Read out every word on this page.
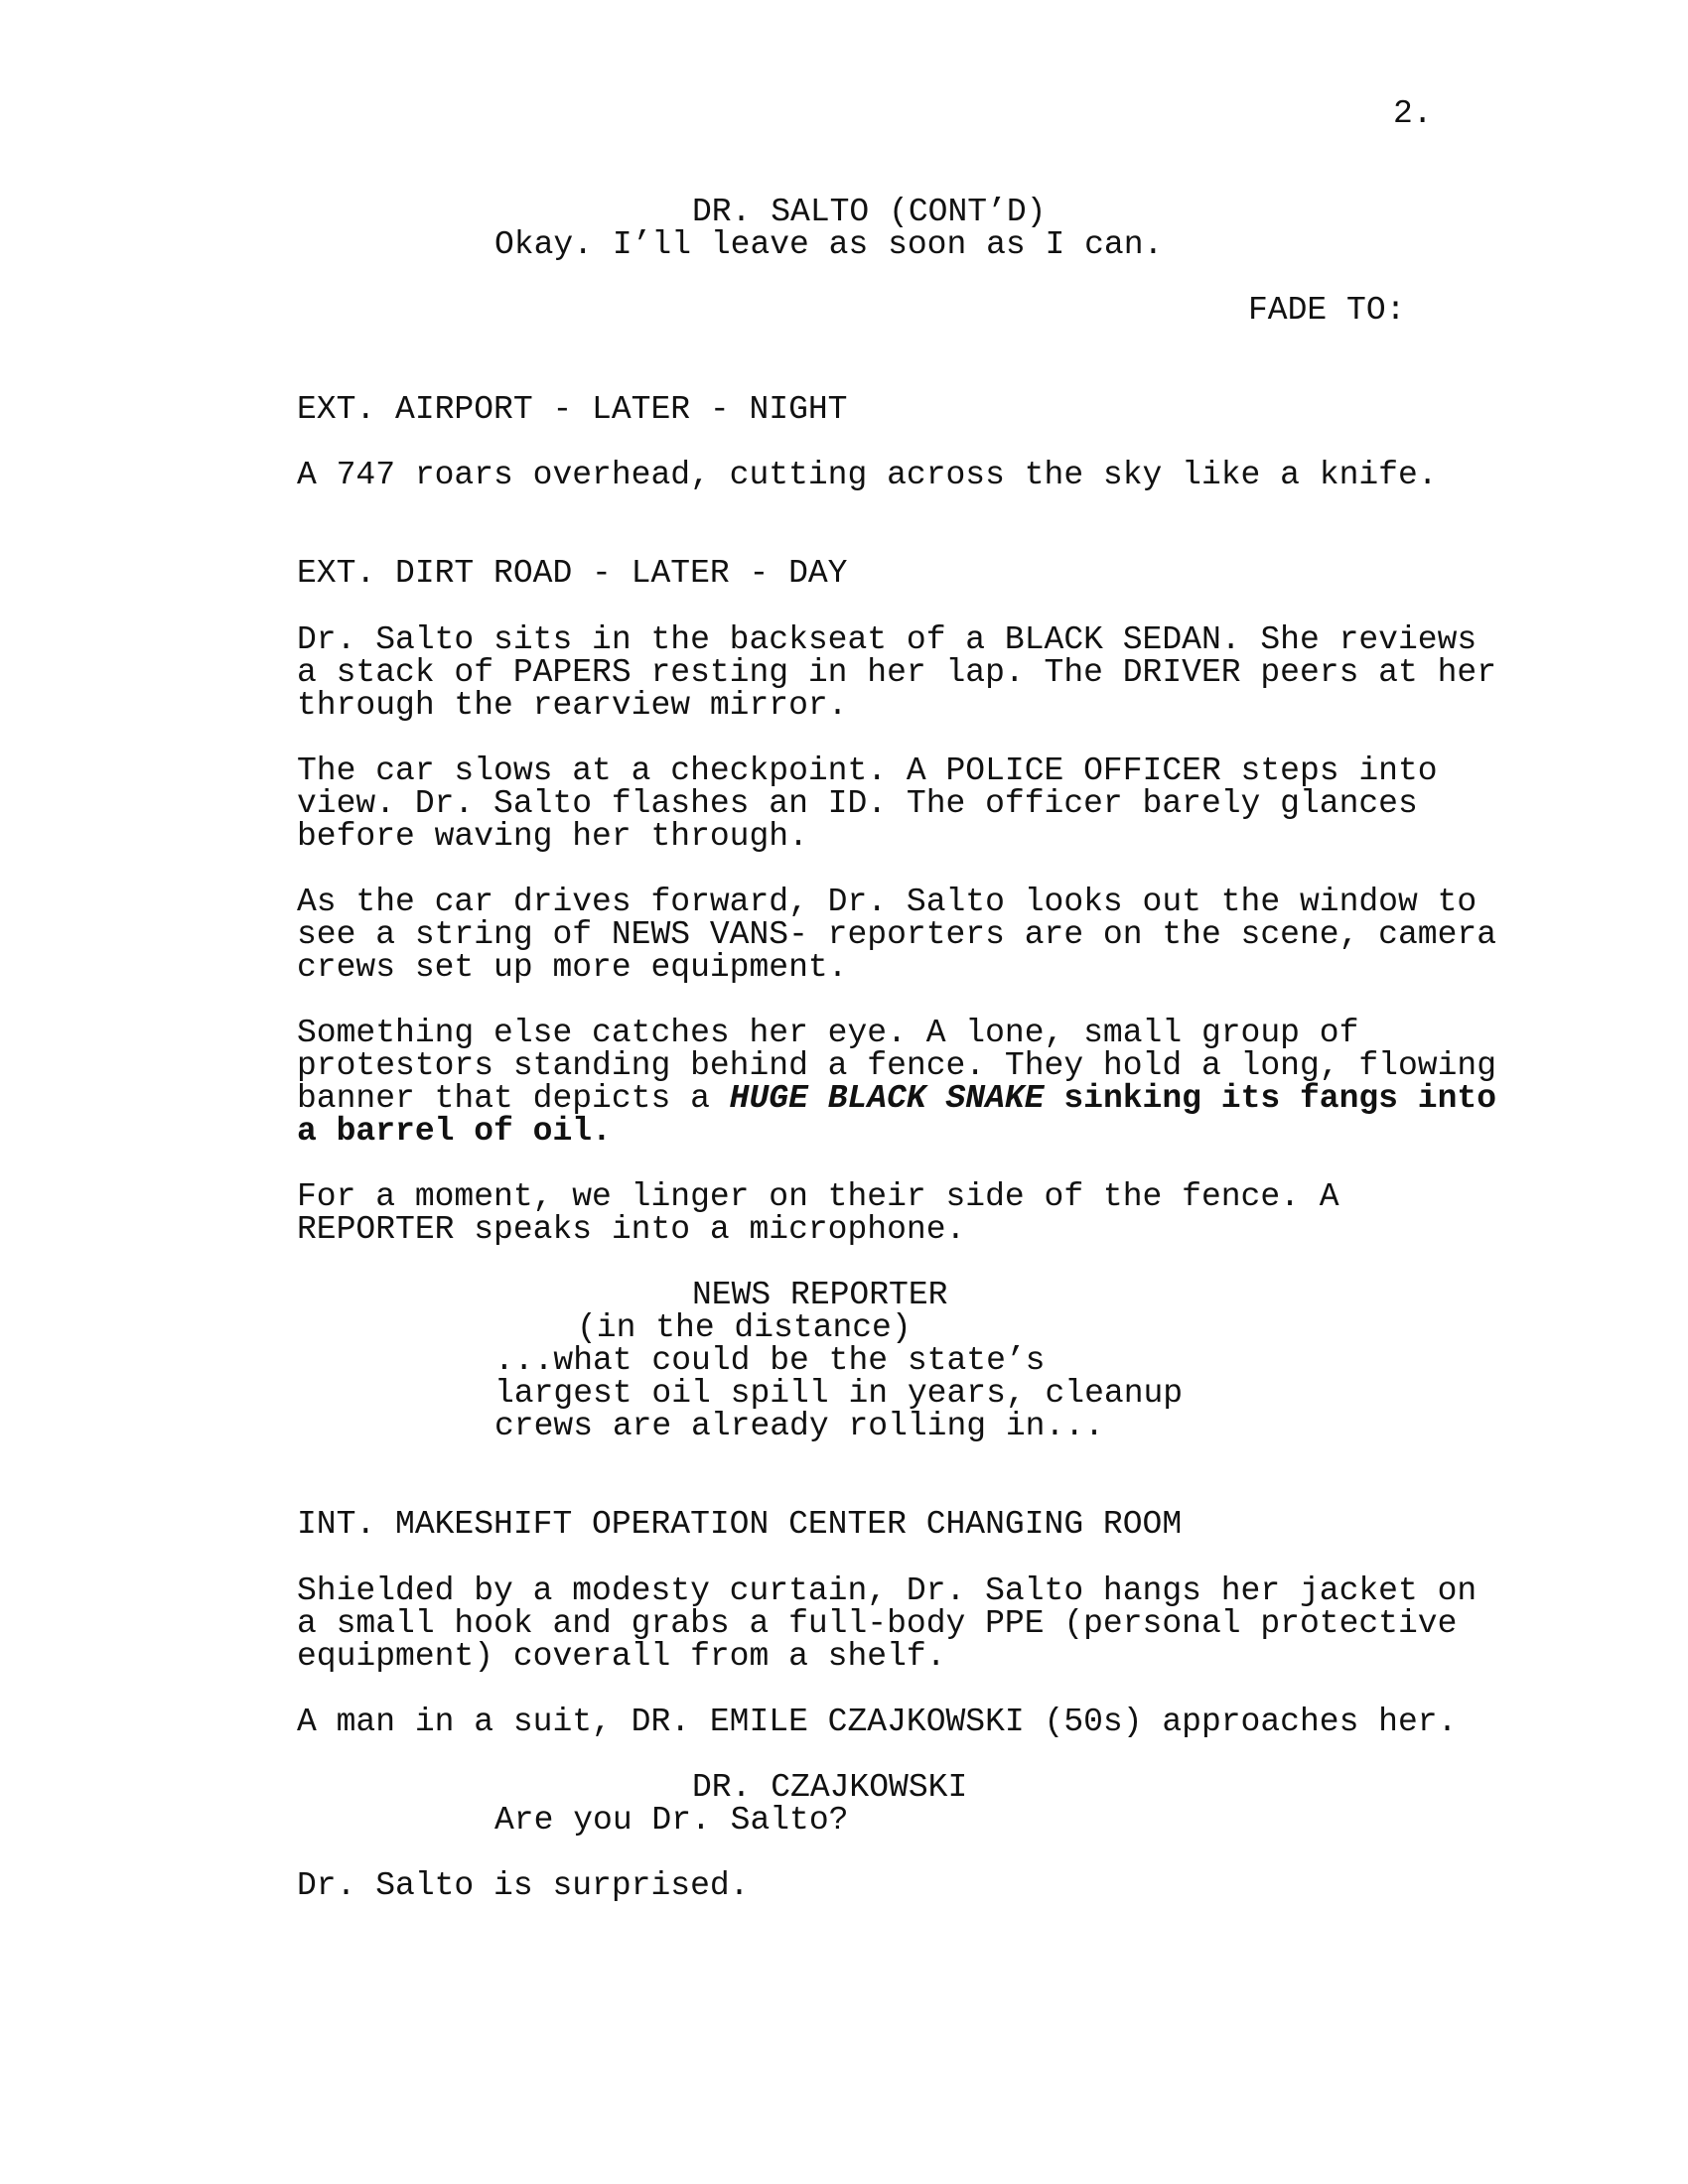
2.
DR. SALTO (CONT’D)
Okay. I’ll leave as soon as I can.
FADE TO:
EXT. AIRPORT - LATER - NIGHT
A 747 roars overhead, cutting across the sky like a knife.
EXT. DIRT ROAD - LATER - DAY
Dr. Salto sits in the backseat of a BLACK SEDAN. She reviews
a stack of PAPERS resting in her lap. The DRIVER peers at her
through the rearview mirror.
The car slows at a checkpoint. A POLICE OFFICER steps into
view. Dr. Salto flashes an ID. The officer barely glances
before waving her through.
As the car drives forward, Dr. Salto looks out the window to
see a string of NEWS VANS- reporters are on the scene, camera
crews set up more equipment.
Something else catches her eye. A lone, small group of
protestors standing behind a fence. They hold a long, flowing
banner that depicts a HUGE BLACK SNAKE sinking its fangs into
a barrel of oil.
For a moment, we linger on their side of the fence. A
REPORTER speaks into a microphone.
NEWS REPORTER
(in the distance)
...what could be the state’s
largest oil spill in years, cleanup
crews are already rolling in...
INT. MAKESHIFT OPERATION CENTER CHANGING ROOM
Shielded by a modesty curtain, Dr. Salto hangs her jacket on
a small hook and grabs a full-body PPE (personal protective
equipment) coverall from a shelf.
A man in a suit, DR. EMILE CZAJKOWSKI (50s) approaches her.
DR. CZAJKOWSKI
Are you Dr. Salto?
Dr. Salto is surprised.
